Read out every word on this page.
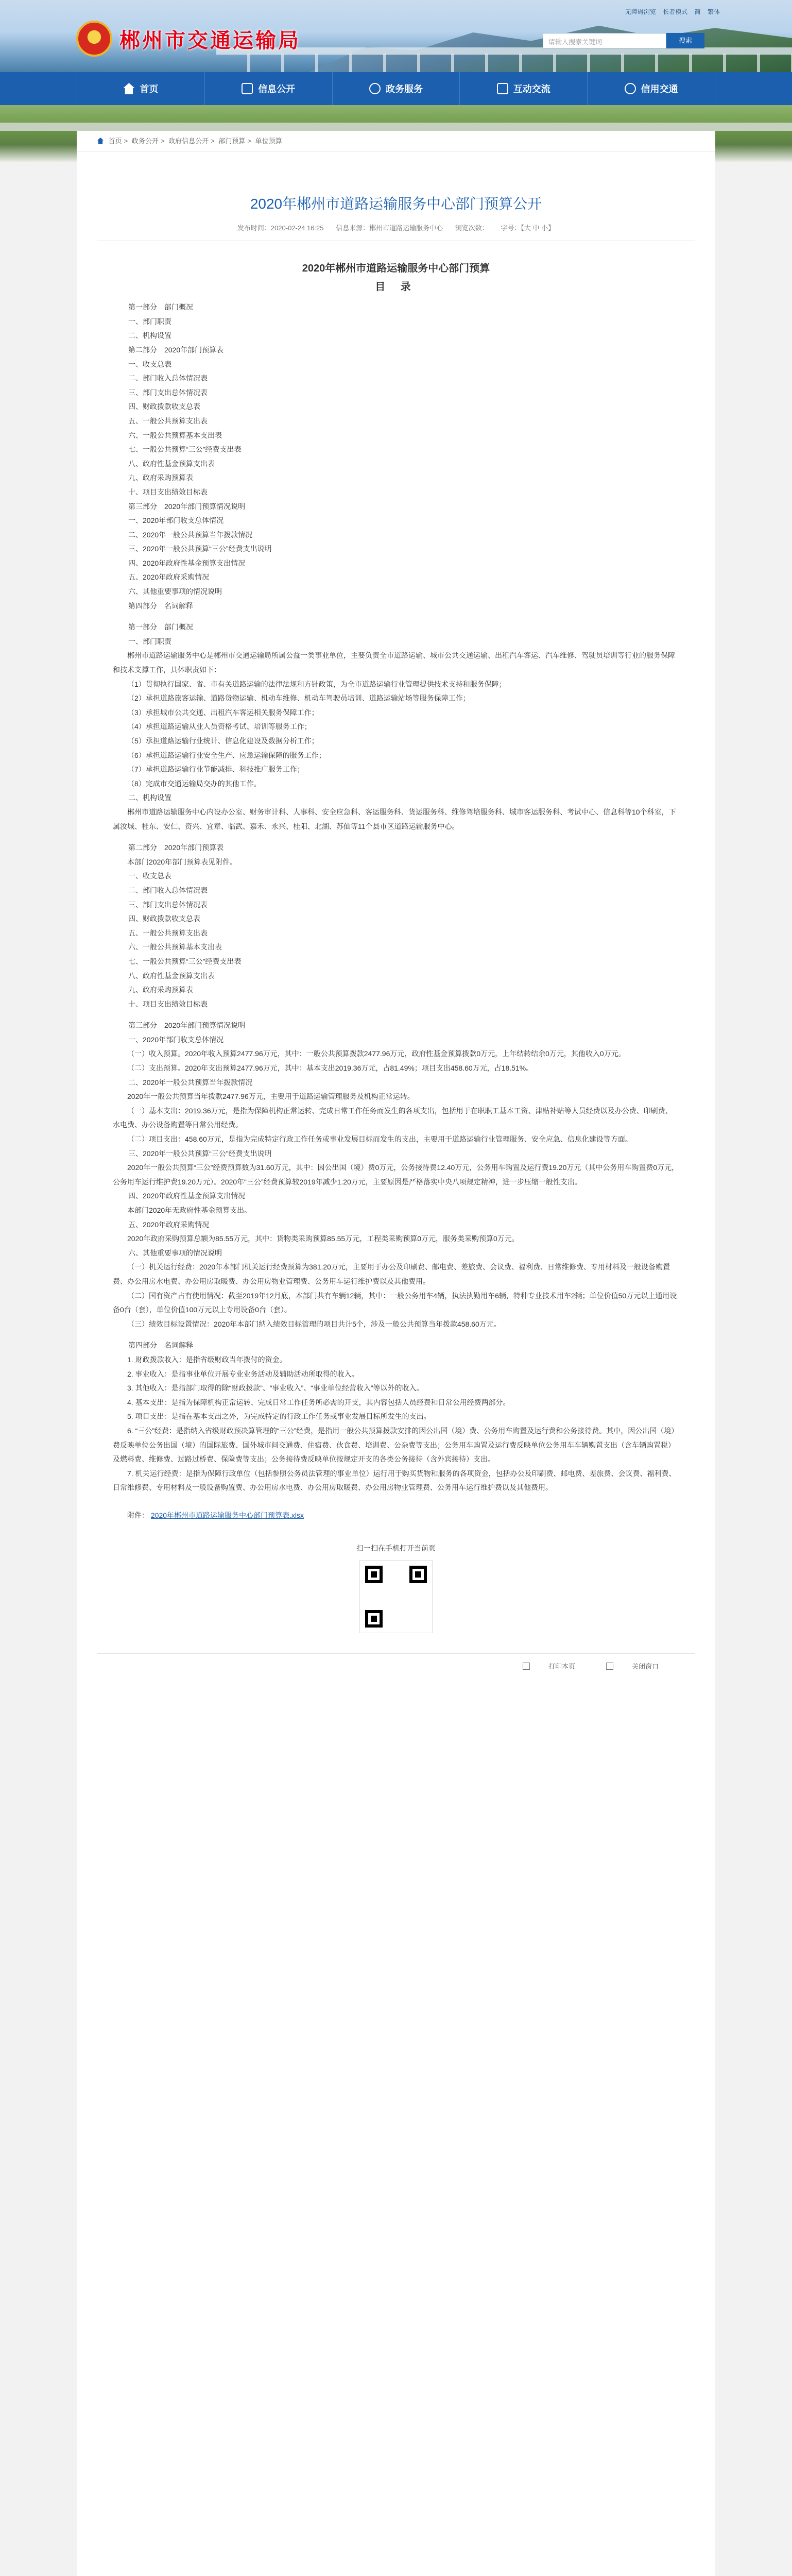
郴州市交通运输局
无障碍浏览 长者模式 简 繁体
请输入搜索关键词	搜索
首页	信息公开	政务服务	互动交流	信用交通
首页 > 政务公开 > 政府信息公开 > 部门预算 > 单位预算
2020年郴州市道路运输服务中心部门预算公开
发布时间：2020-02-24 16:25 信息来源：郴州市道路运输服务中心 浏览次数： 字号：【大 中 小】
2020年郴州市道路运输服务中心部门预算
目 录

第一部分　部门概况

一、部门职责

二、机构设置

第二部分　2020年部门预算表

一、收支总表

二、部门收入总体情况表

三、部门支出总体情况表

四、财政拨款收支总表

五、一般公共预算支出表

六、一般公共预算基本支出表

七、一般公共预算“三公”经费支出表

八、政府性基金预算支出表

九、政府采购预算表

十、项目支出绩效目标表

第三部分　2020年部门预算情况说明

一、2020年部门收支总体情况

二、2020年一般公共预算当年拨款情况

三、2020年一般公共预算“三公”经费支出说明

四、2020年政府性基金预算支出情况

五、2020年政府采购情况

六、其他重要事项的情况说明

第四部分　名词解释

第一部分　部门概况

一、部门职责

郴州市道路运输服务中心是郴州市交通运输局所属公益一类事业单位，主要负责全市道路运输、城市公共交通运输、出租汽车客运、汽车维修、驾驶员培训等行业的服务保障和技术支撑工作，具体职责如下：

（1）贯彻执行国家、省、市有关道路运输的法律法规和方针政策，为全市道路运输行业管理提供技术支持和服务保障；

（2）承担道路旅客运输、道路货物运输、机动车维修、机动车驾驶员培训、道路运输站场等服务保障工作；

（3）承担城市公共交通、出租汽车客运相关服务保障工作；

（4）承担道路运输从业人员资格考试、培训等服务工作；

（5）承担道路运输行业统计、信息化建设及数据分析工作；

（6）承担道路运输行业安全生产、应急运输保障的服务工作；

（7）承担道路运输行业节能减排、科技推广服务工作；

（8）完成市交通运输局交办的其他工作。

二、机构设置

郴州市道路运输服务中心内设办公室、财务审计科、人事科、安全应急科、客运服务科、货运服务科、维修驾培服务科、城市客运服务科、考试中心、信息科等10个科室，下属汝城、桂东、安仁、资兴、宜章、临武、嘉禾、永兴、桂阳、北湖、苏仙等11个县市区道路运输服务中心。

第二部分　2020年部门预算表

本部门2020年部门预算表见附件。

一、收支总表

二、部门收入总体情况表

三、部门支出总体情况表

四、财政拨款收支总表

五、一般公共预算支出表

六、一般公共预算基本支出表

七、一般公共预算“三公”经费支出表

八、政府性基金预算支出表

九、政府采购预算表

十、项目支出绩效目标表

第三部分　2020年部门预算情况说明

一、2020年部门收支总体情况

（一）收入预算。2020年收入预算2477.96万元，其中：一般公共预算拨款2477.96万元，政府性基金预算拨款0万元，上年结转结余0万元，其他收入0万元。

（二）支出预算。2020年支出预算2477.96万元，其中：基本支出2019.36万元，占81.49%；项目支出458.60万元，占18.51%。

二、2020年一般公共预算当年拨款情况

2020年一般公共预算当年拨款2477.96万元，主要用于道路运输管理服务及机构正常运转。

（一）基本支出：2019.36万元，是指为保障机构正常运转、完成日常工作任务而发生的各项支出，包括用于在职职工基本工资、津贴补贴等人员经费以及办公费、印刷费、水电费、办公设备购置等日常公用经费。

（二）项目支出：458.60万元，是指为完成特定行政工作任务或事业发展目标而发生的支出，主要用于道路运输行业管理服务、安全应急、信息化建设等方面。

三、2020年一般公共预算“三公”经费支出说明

2020年一般公共预算“三公”经费预算数为31.60万元，其中：因公出国（境）费0万元，公务接待费12.40万元，公务用车购置及运行费19.20万元（其中公务用车购置费0万元，公务用车运行维护费19.20万元）。2020年“三公”经费预算较2019年减少1.20万元，主要原因是严格落实中央八项规定精神，进一步压缩一般性支出。

四、2020年政府性基金预算支出情况

本部门2020年无政府性基金预算支出。

五、2020年政府采购情况

2020年政府采购预算总额为85.55万元，其中：货物类采购预算85.55万元，工程类采购预算0万元，服务类采购预算0万元。

六、其他重要事项的情况说明

（一）机关运行经费：2020年本部门机关运行经费预算为381.20万元，主要用于办公及印刷费、邮电费、差旅费、会议费、福利费、日常维修费、专用材料及一般设备购置费、办公用房水电费、办公用房取暖费、办公用房物业管理费、公务用车运行维护费以及其他费用。

（二）国有资产占有使用情况：截至2019年12月底，本部门共有车辆12辆，其中：一般公务用车4辆，执法执勤用车6辆，特种专业技术用车2辆；单位价值50万元以上通用设备0台（套），单位价值100万元以上专用设备0台（套）。

（三）绩效目标设置情况：2020年本部门纳入绩效目标管理的项目共计5个，涉及一般公共预算当年拨款458.60万元。

第四部分　名词解释

1. 财政拨款收入：是指省级财政当年拨付的资金。

2. 事业收入：是指事业单位开展专业业务活动及辅助活动所取得的收入。

3. 其他收入：是指部门取得的除“财政拨款”、“事业收入”、“事业单位经营收入”等以外的收入。

4. 基本支出：是指为保障机构正常运转、完成日常工作任务所必需的开支，其内容包括人员经费和日常公用经费两部分。

5. 项目支出：是指在基本支出之外，为完成特定的行政工作任务或事业发展目标所发生的支出。

6. “三公”经费：是指纳入省级财政预决算管理的“三公”经费，是指用一般公共预算拨款安排的因公出国（境）费、公务用车购置及运行费和公务接待费。其中，因公出国（境）费反映单位公务出国（境）的国际旅费、国外城市间交通费、住宿费、伙食费、培训费、公杂费等支出；公务用车购置及运行费反映单位公务用车车辆购置支出（含车辆购置税）及燃料费、维修费、过路过桥费、保险费等支出；公务接待费反映单位按规定开支的各类公务接待（含外宾接待）支出。

7. 机关运行经费：是指为保障行政单位（包括参照公务员法管理的事业单位）运行用于购买货物和服务的各项资金，包括办公及印刷费、邮电费、差旅费、会议费、福利费、日常维修费、专用材料及一般设备购置费、办公用房水电费、办公用房取暖费、办公用房物业管理费、公务用车运行维护费以及其他费用。

附件： 2020年郴州市道路运输服务中心部门预算表.xlsx

扫一扫在手机打开当前页
打印本页	关闭窗口
